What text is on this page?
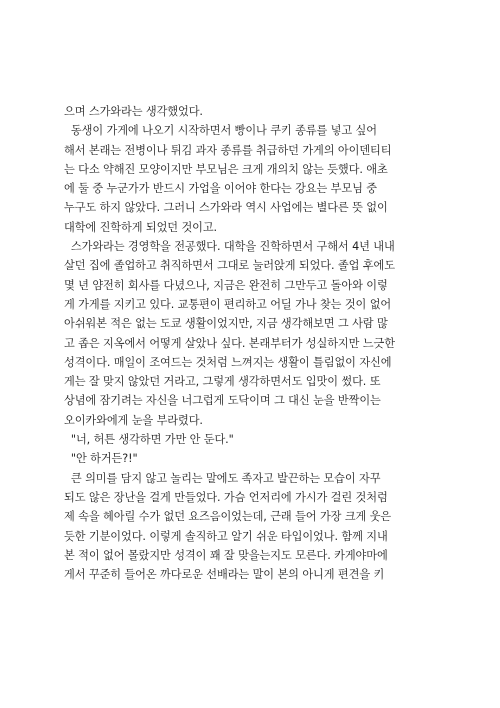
으며 스가와라는 생각했었다.
동생이 가게에 나오기 시작하면서 빵이나 쿠키 종류를 넣고 싶어
해서 본래는 전병이나 튀김 과자 종류를 취급하던 가게의 아이덴티티
는 다소 약해진 모양이지만 부모님은 크게 개의치 않는 듯했다. 애초
에 둘 중 누군가가 반드시 가업을 이어야 한다는 강요는 부모님 중
누구도 하지 않았다. 그러니 스가와라 역시 사업에는 별다른 뜻 없이
대학에 진학하게 되었던 것이고.
스가와라는 경영학을 전공했다. 대학을 진학하면서 구해서 4년 내내
살던 집에 졸업하고 취직하면서 그대로 눌러앉게 되었다. 졸업 후에도
몇 년 얌전히 회사를 다녔으나, 지금은 완전히 그만두고 돌아와 이렇
게 가게를 지키고 있다. 교통편이 편리하고 어딜 가나 찾는 것이 없어
아쉬워본 적은 없는 도쿄 생활이었지만, 지금 생각해보면 그 사람 많
고 좁은 지옥에서 어떻게 살았나 싶다. 본래부터가 성실하지만 느긋한
성격이다. 매일이 조여드는 것처럼 느껴지는 생활이 틀림없이 자신에
게는 잘 맞지 않았던 거라고, 그렇게 생각하면서도 입맛이 썼다. 또
상념에 잠기려는 자신을 너그럽게 도닥이며 그 대신 눈을 반짝이는
오이카와에게 눈을 부라렸다.
"너, 허튼 생각하면 가만 안 둔다."
"안 하거든?!"
큰 의미를 담지 않고 놀리는 말에도 족자고 발끈하는 모습이 자꾸
되도 않은 장난을 걸게 만들었다. 가슴 언저리에 가시가 걸린 것처럼
제 속을 헤아릴 수가 없던 요즈음이었는데, 근래 들어 가장 크게 웃은
듯한 기분이었다. 이렇게 솔직하고 알기 쉬운 타입이었나. 함께 지내
본 적이 없어 몰랐지만 성격이 꽤 잘 맞을는지도 모른다. 카게야마에
게서 꾸준히 들어온 까다로운 선배라는 말이 본의 아니게 편견을 키
